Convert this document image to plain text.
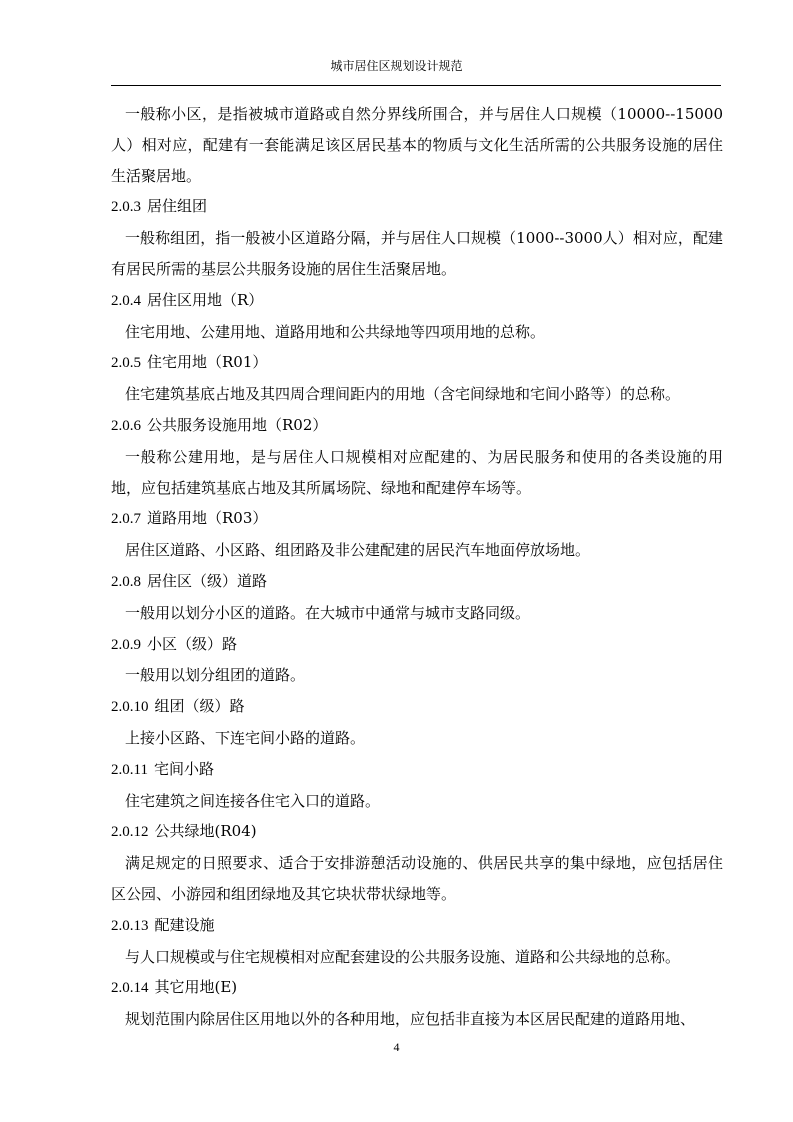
城市居住区规划设计规范

一般称小区，是指被城市道路或自然分界线所围合，并与居住人口规模（10000--15000人）相对应，配建有一套能满足该区居民基本的物质与文化生活所需的公共服务设施的居住生活聚居地。

2.0.3 居住组团

一般称组团，指一般被小区道路分隔，并与居住人口规模（1000--3000人）相对应，配建有居民所需的基层公共服务设施的居住生活聚居地。

2.0.4 居住区用地（R）

住宅用地、公建用地、道路用地和公共绿地等四项用地的总称。

2.0.5 住宅用地（R01）

住宅建筑基底占地及其四周合理间距内的用地（含宅间绿地和宅间小路等）的总称。

2.0.6 公共服务设施用地（R02）

一般称公建用地，是与居住人口规模相对应配建的、为居民服务和使用的各类设施的用地，应包括建筑基底占地及其所属场院、绿地和配建停车场等。

2.0.7 道路用地（R03）

居住区道路、小区路、组团路及非公建配建的居民汽车地面停放场地。

2.0.8 居住区（级）道路

一般用以划分小区的道路。在大城市中通常与城市支路同级。

2.0.9 小区（级）路

一般用以划分组团的道路。

2.0.10 组团（级）路

上接小区路、下连宅间小路的道路。

2.0.11 宅间小路

住宅建筑之间连接各住宅入口的道路。

2.0.12 公共绿地(R04)

满足规定的日照要求、适合于安排游憩活动设施的、供居民共享的集中绿地，应包括居住区公园、小游园和组团绿地及其它块状带状绿地等。

2.0.13 配建设施

与人口规模或与住宅规模相对应配套建设的公共服务设施、道路和公共绿地的总称。

2.0.14 其它用地(E)

规划范围内除居住区用地以外的各种用地，应包括非直接为本区居民配建的道路用地、

4
